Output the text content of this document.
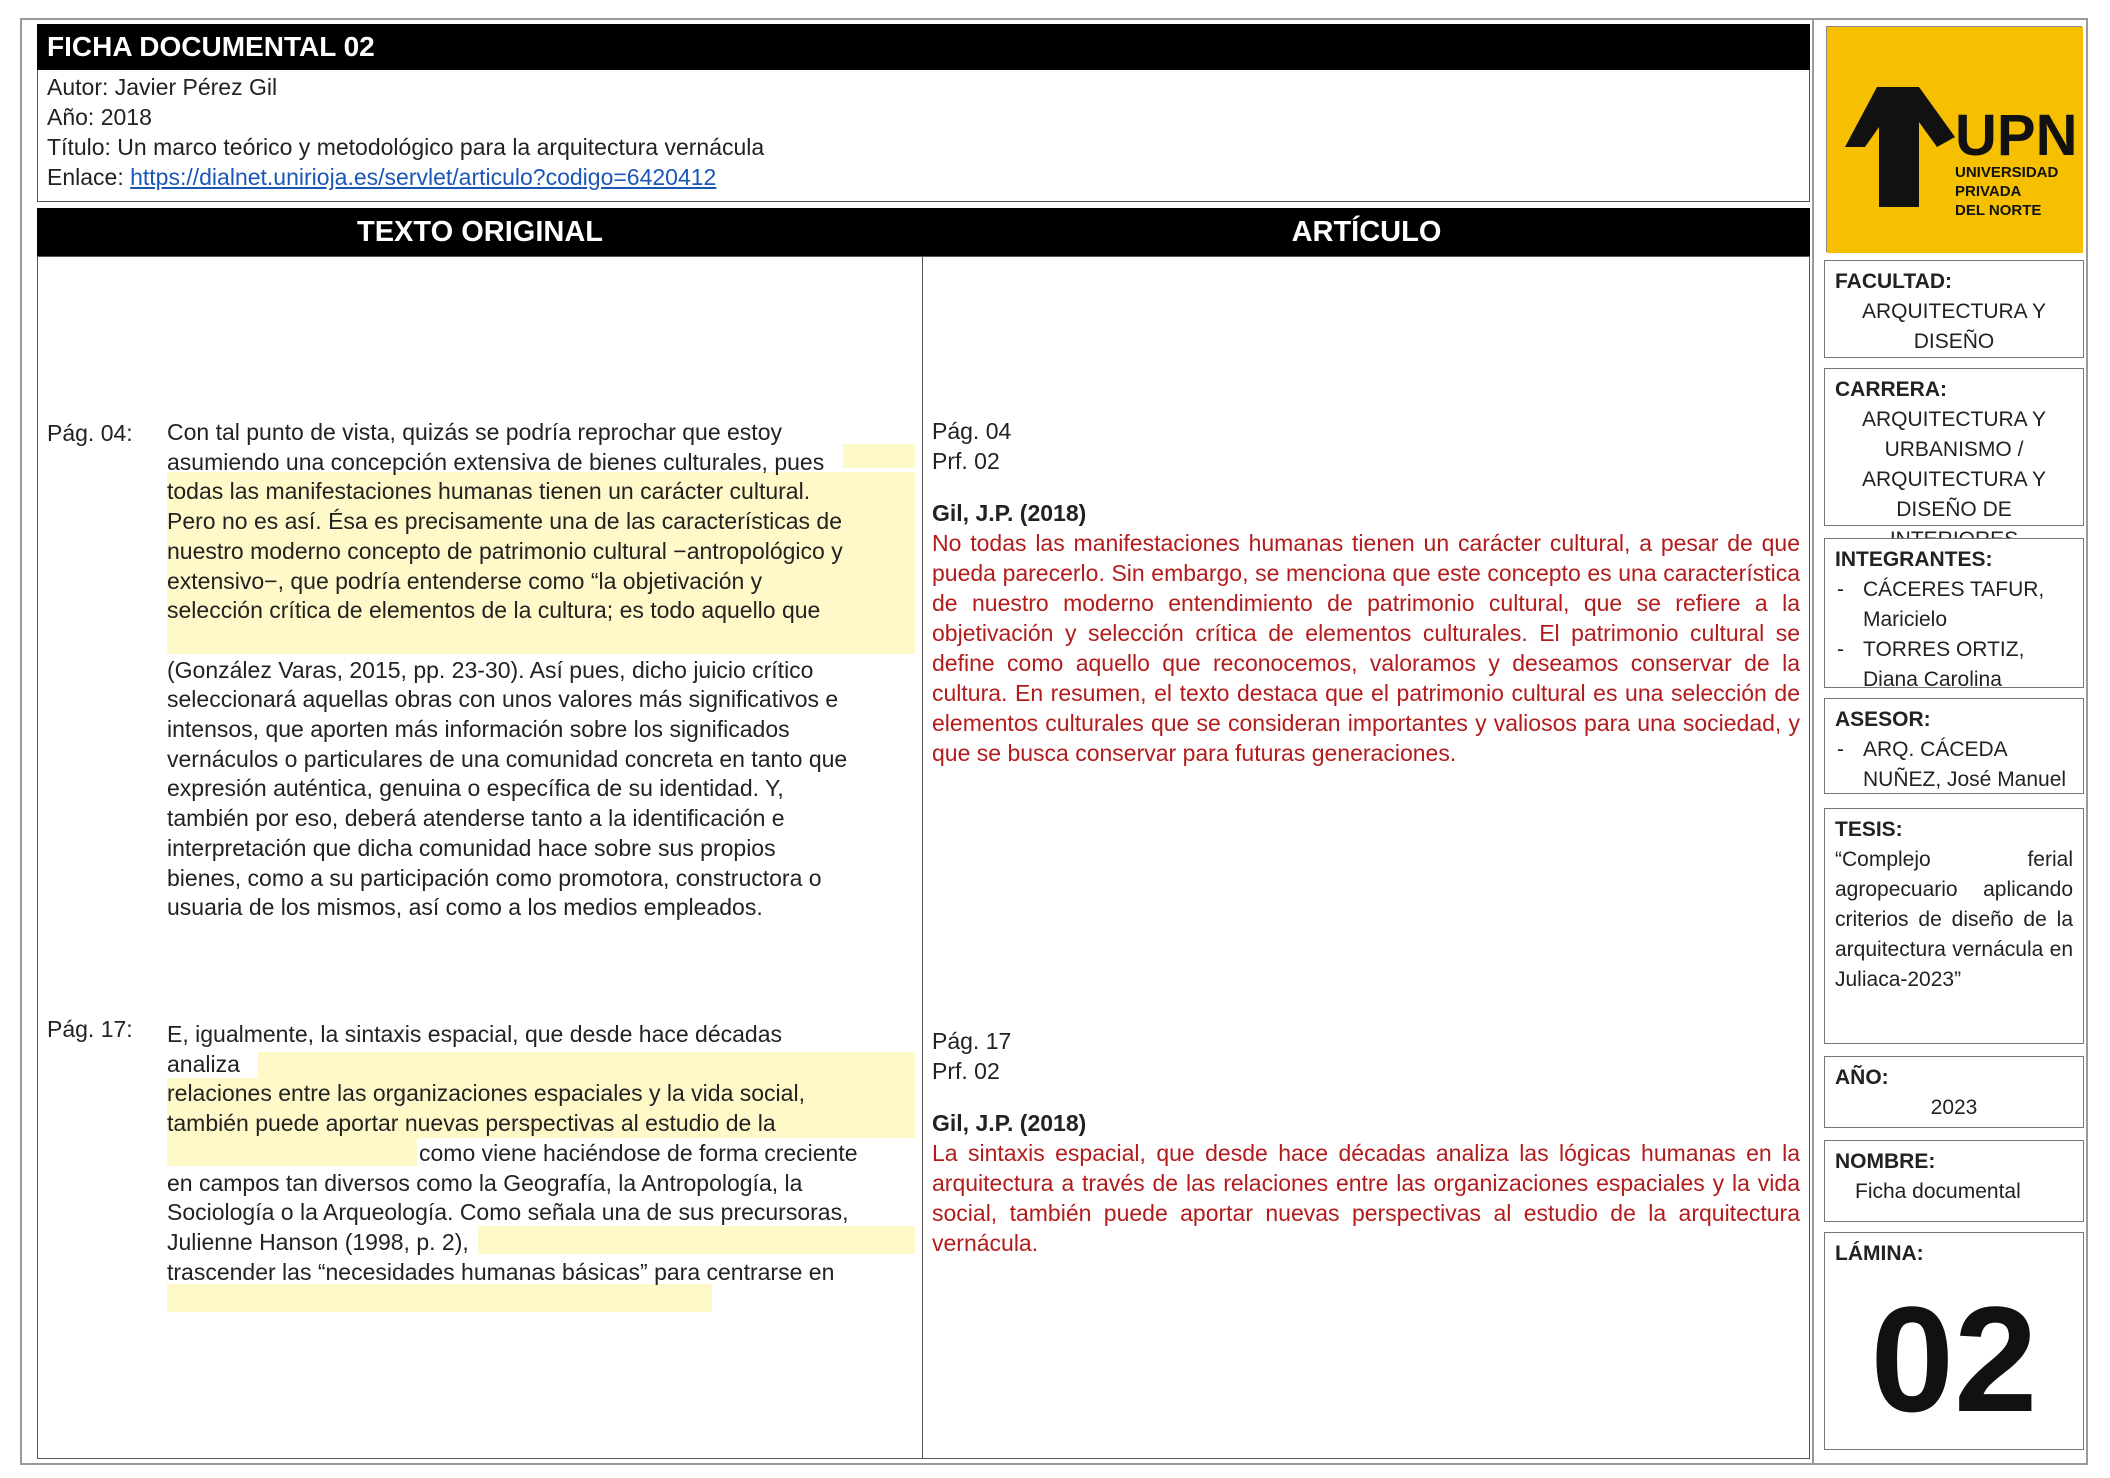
FICHA DOCUMENTAL 02
Autor: Javier Pérez Gil
Año: 2018
Título: Un marco teórico y metodológico para la arquitectura vernácula
Enlace: https://dialnet.unirioja.es/servlet/articulo?codigo=6420412
TEXTO ORIGINAL	ARTÍCULO
Pág. 04: Con tal punto de vista, quizás se podría reprochar que estoy

asumiendo una concepción extensiva de bienes culturales, pues

todas las manifestaciones humanas tienen un carácter cultural.

Pero no es así. Ésa es precisamente una de las características de

nuestro moderno concepto de patrimonio cultural −antropológico y

extensivo−, que podría entenderse como “la objetivación y

selección crítica de elementos de la cultura; es todo aquello que

(González Varas, 2015, pp. 23-30). Así pues, dicho juicio crítico

seleccionará aquellas obras con unos valores más significativos e

intensos, que aporten más información sobre los significados

vernáculos o particulares de una comunidad concreta en tanto que

expresión auténtica, genuina o específica de su identidad. Y,

también por eso, deberá atenderse tanto a la identificación e

interpretación que dicha comunidad hace sobre sus propios

bienes, como a su participación como promotora, constructora o

usuaria de los mismos, así como a los medios empleados.

Pág. 04
Prf. 02
Gil, J.P. (2018)
No todas las manifestaciones humanas tienen un carácter cultural, a pesar de que pueda parecerlo. Sin embargo, se menciona que este concepto es una característica de nuestro moderno entendimiento de patrimonio cultural, que se refiere a la objetivación y selección crítica de elementos culturales. El patrimonio cultural se define como aquello que reconocemos, valoramos y deseamos conservar de la cultura. En resumen, el texto destaca que el patrimonio cultural es una selección de elementos culturales que se consideran importantes y valiosos para una sociedad, y que se busca conservar para futuras generaciones.
Pág. 17: E, igualmente, la sintaxis espacial, que desde hace décadas

analiza

relaciones entre las organizaciones espaciales y la vida social,

también puede aportar nuevas perspectivas al estudio de la

como viene haciéndose de forma creciente

en campos tan diversos como la Geografía, la Antropología, la

Sociología o la Arqueología. Como señala una de sus precursoras,

Julienne Hanson (1998, p. 2),

trascender las “necesidades humanas básicas” para centrarse en

Pág. 17
Prf. 02
Gil, J.P. (2018)
La sintaxis espacial, que desde hace décadas analiza las lógicas humanas en la arquitectura a través de las relaciones entre las organizaciones espaciales y la vida social, también puede aportar nuevas perspectivas al estudio de la arquitectura vernácula.
UPN
UNIVERSIDAD
PRIVADA
DEL NORTE
FACULTAD:
ARQUITECTURA Y DISEÑO
CARRERA:
ARQUITECTURA Y URBANISMO / ARQUITECTURA Y DISEÑO DE
INTEGRANTES:
- CÁCERES TAFUR, Maricielo
- TORRES ORTIZ, Diana Carolina
ASESOR:
- ARQ. CÁCEDA NUÑEZ, José Manuel
TESIS:
“Complejo ferial agropecuario aplicando criterios de diseño de la arquitectura vernácula en Juliaca-2023”
AÑO:
2023
NOMBRE:
Ficha documental
LÁMINA:
02
